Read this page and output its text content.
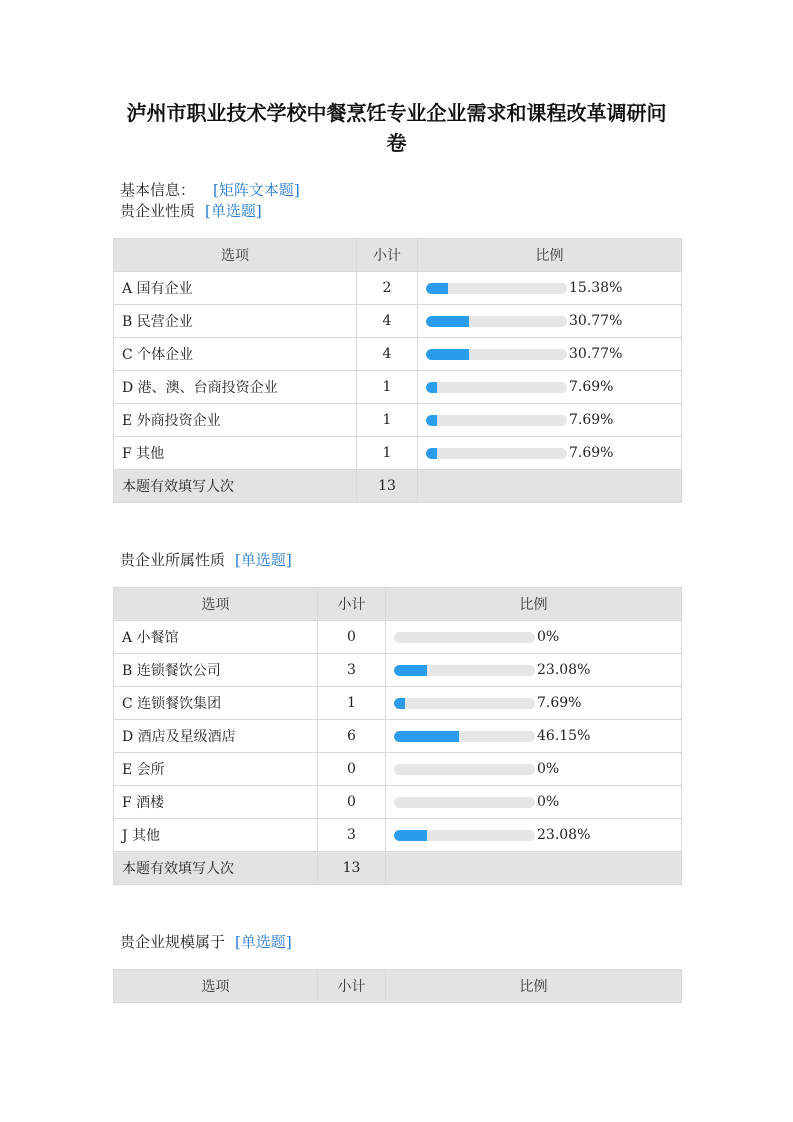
泸州市职业技术学校中餐烹饪专业企业需求和课程改革调研问卷
基本信息： [矩阵文本题]
贵企业性质 [单选题]
选项	小计	比例
A 国有企业	2	15.38%

B 民营企业	4	30.77%

C 个体企业	4	30.77%

D 港、澳、台商投资企业	1	7.69%

E 外商投资企业	1	7.69%

F 其他	1	7.69%

本题有效填写人次	13	
贵企业所属性质 [单选题]
选项	小计	比例
A 小餐馆	0	0%

B 连锁餐饮公司	3	23.08%

C 连锁餐饮集团	1	7.69%

D 酒店及星级酒店	6	46.15%

E 会所	0	0%

F 酒楼	0	0%

J 其他	3	23.08%

本题有效填写人次	13	
贵企业规模属于 [单选题]
选项	小计	比例
